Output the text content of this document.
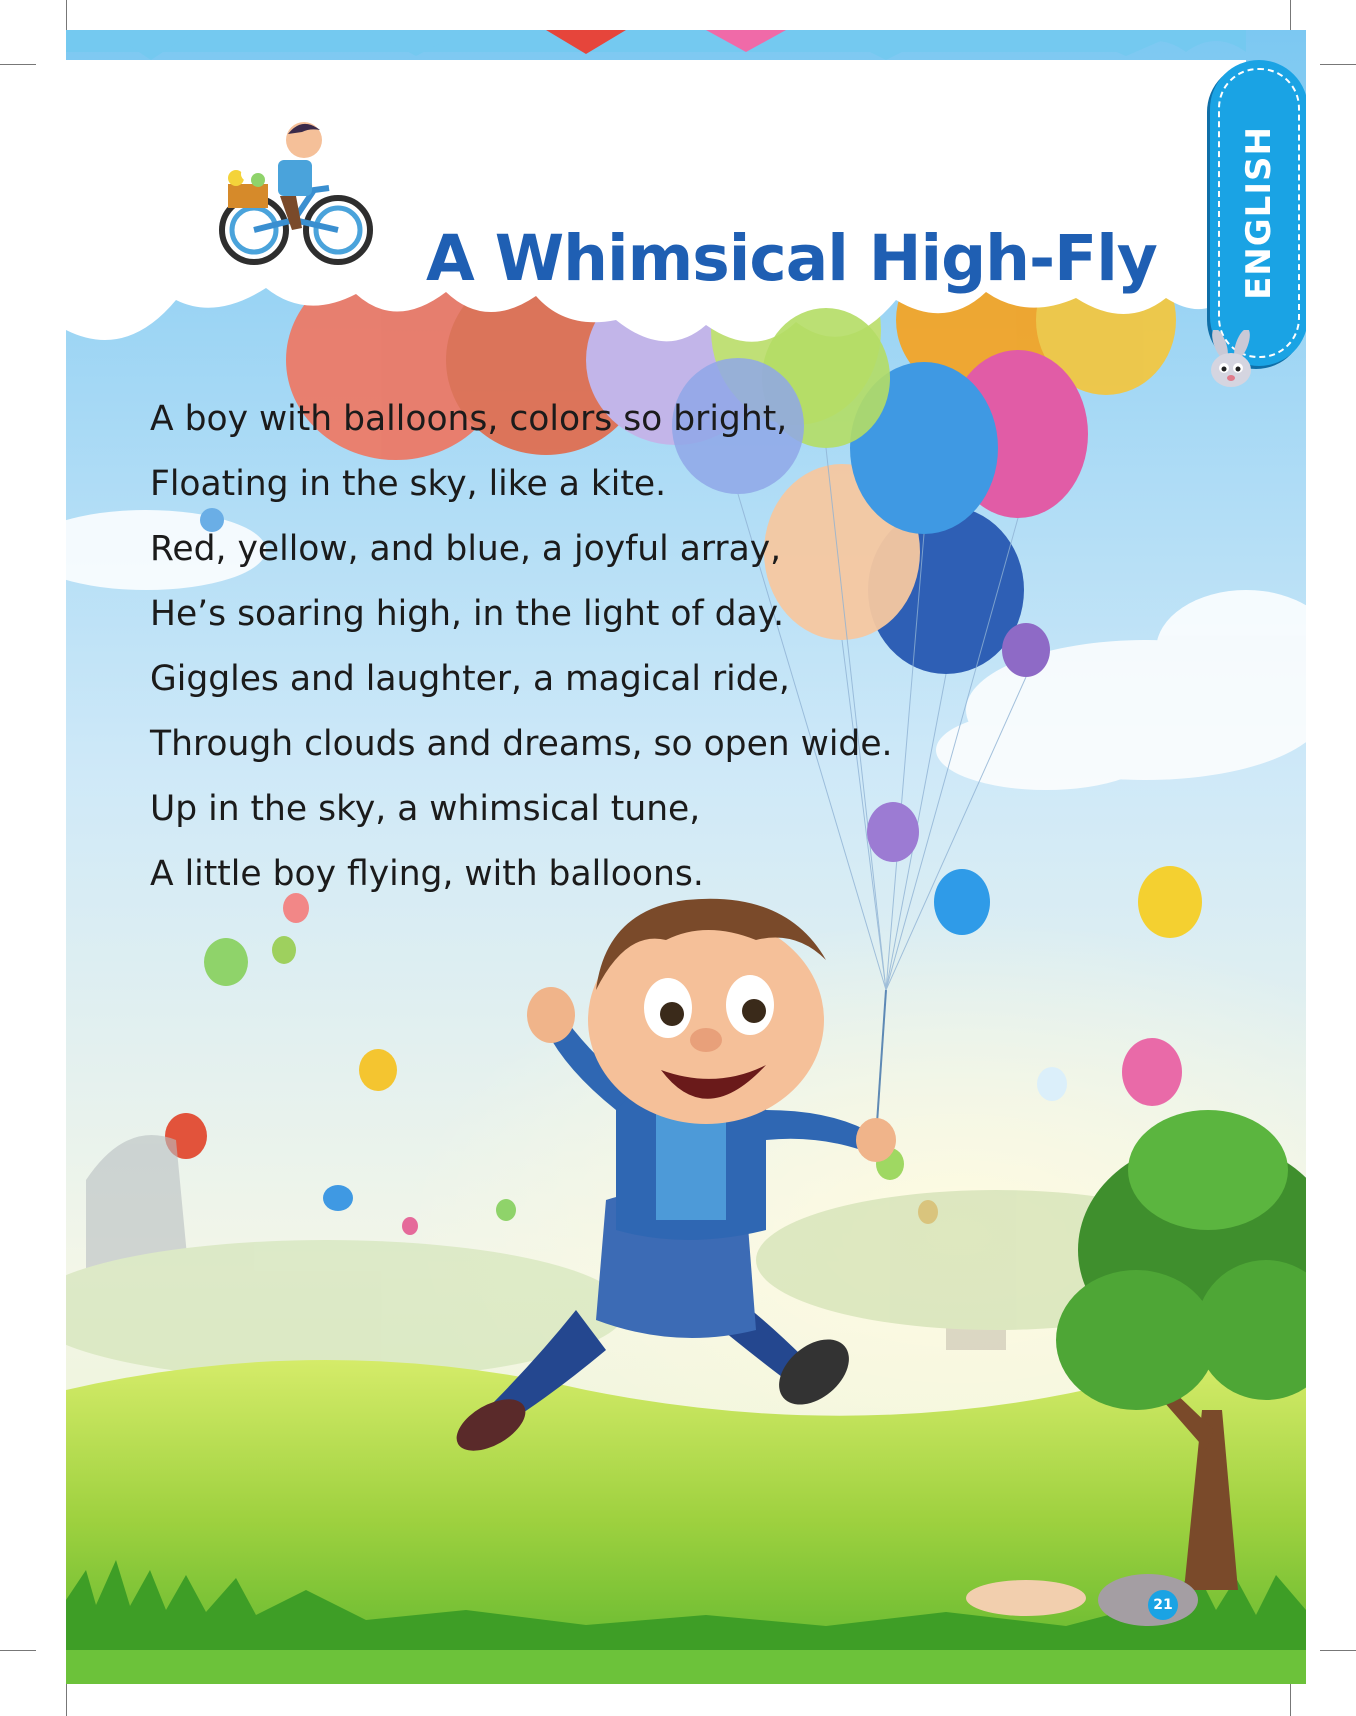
A Whimsical High-Fly ENGLISH
A boy with balloons, colors so bright,
Floating in the sky, like a kite.
Red, yellow, and blue, a joyful array,
He’s soaring high, in the light of day.
Giggles and laughter, a magical ride,
Through clouds and dreams, so open wide.
Up in the sky, a whimsical tune,
A little boy flying, with balloons.
21
